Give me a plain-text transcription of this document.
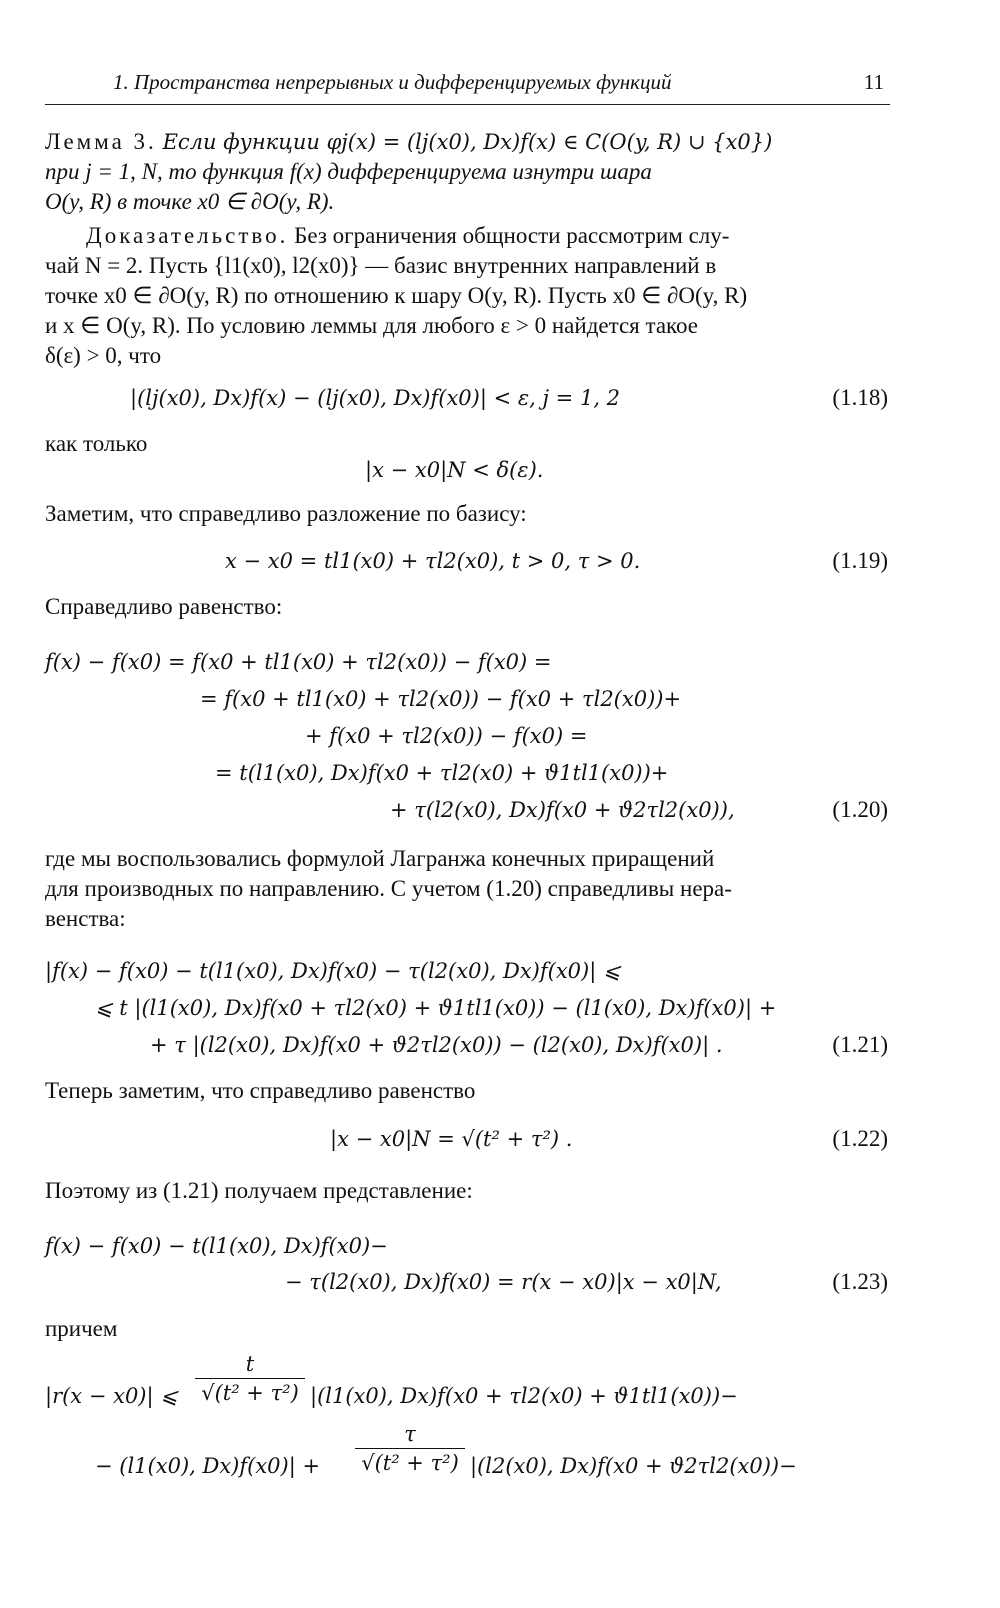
1. Пространства непрерывных и дифференцируемых функций	11
Лемма 3. Если функции φj(x) = (lj(x0), Dx)f(x) ∈ C(O(y, R) ∪ {x0})
при j = 1, N, то функция f(x) дифференцируема изнутри шара
O(y, R) в точке x0 ∈ ∂O(y, R).
Доказательство. Без ограничения общности рассмотрим слу-
чай N = 2. Пусть {l1(x0), l2(x0)} — базис внутренних направлений в
точке x0 ∈ ∂O(y, R) по отношению к шару O(y, R). Пусть x0 ∈ ∂O(y, R)
и x ∈ O(y, R). По условию леммы для любого ε > 0 найдется такое
δ(ε) > 0, что
|(lj(x0), Dx)f(x) − (lj(x0), Dx)f(x0)| < ε, j = 1, 2	(1.18)
как только
|x − x0|N < δ(ε).
Заметим, что справедливо разложение по базису:
x − x0 = tl1(x0) + τl2(x0), t > 0, τ > 0.	(1.19)
Справедливо равенство:
f(x) − f(x0) = f(x0 + tl1(x0) + τl2(x0)) − f(x0) =
= f(x0 + tl1(x0) + τl2(x0)) − f(x0 + τl2(x0))+
+ f(x0 + τl2(x0)) − f(x0) =
= t(l1(x0), Dx)f(x0 + τl2(x0) + ϑ1tl1(x0))+
+ τ(l2(x0), Dx)f(x0 + ϑ2τl2(x0)),	(1.20)
где мы воспользовались формулой Лагранжа конечных приращений
для производных по направлению. С учетом (1.20) справедливы нера-
венства:
|f(x) − f(x0) − t(l1(x0), Dx)f(x0) − τ(l2(x0), Dx)f(x0)| ⩽
⩽ t |(l1(x0), Dx)f(x0 + τl2(x0) + ϑ1tl1(x0)) − (l1(x0), Dx)f(x0)| +
+ τ |(l2(x0), Dx)f(x0 + ϑ2τl2(x0)) − (l2(x0), Dx)f(x0)| .	(1.21)
Теперь заметим, что справедливо равенство
|x − x0|N = √(t² + τ²) .	(1.22)
Поэтому из (1.21) получаем представление:
f(x) − f(x0) − t(l1(x0), Dx)f(x0)−
− τ(l2(x0), Dx)f(x0) = r(x − x0)|x − x0|N,	(1.23)
причем
|r(x − x0)| ⩽ $\frac{t}{\text{√(t² + τ²)}} |(l1(x0)$, Dx)f(x0 + τl2(x0) + ϑ1tl1(x0))−
− (l1(x0), $Dx)f(x0)| + \frac{\tau}{\text{√(t² + τ²)}} |(l2(x0)$, Dx)f(x0 + ϑ2τl2(x0))−
